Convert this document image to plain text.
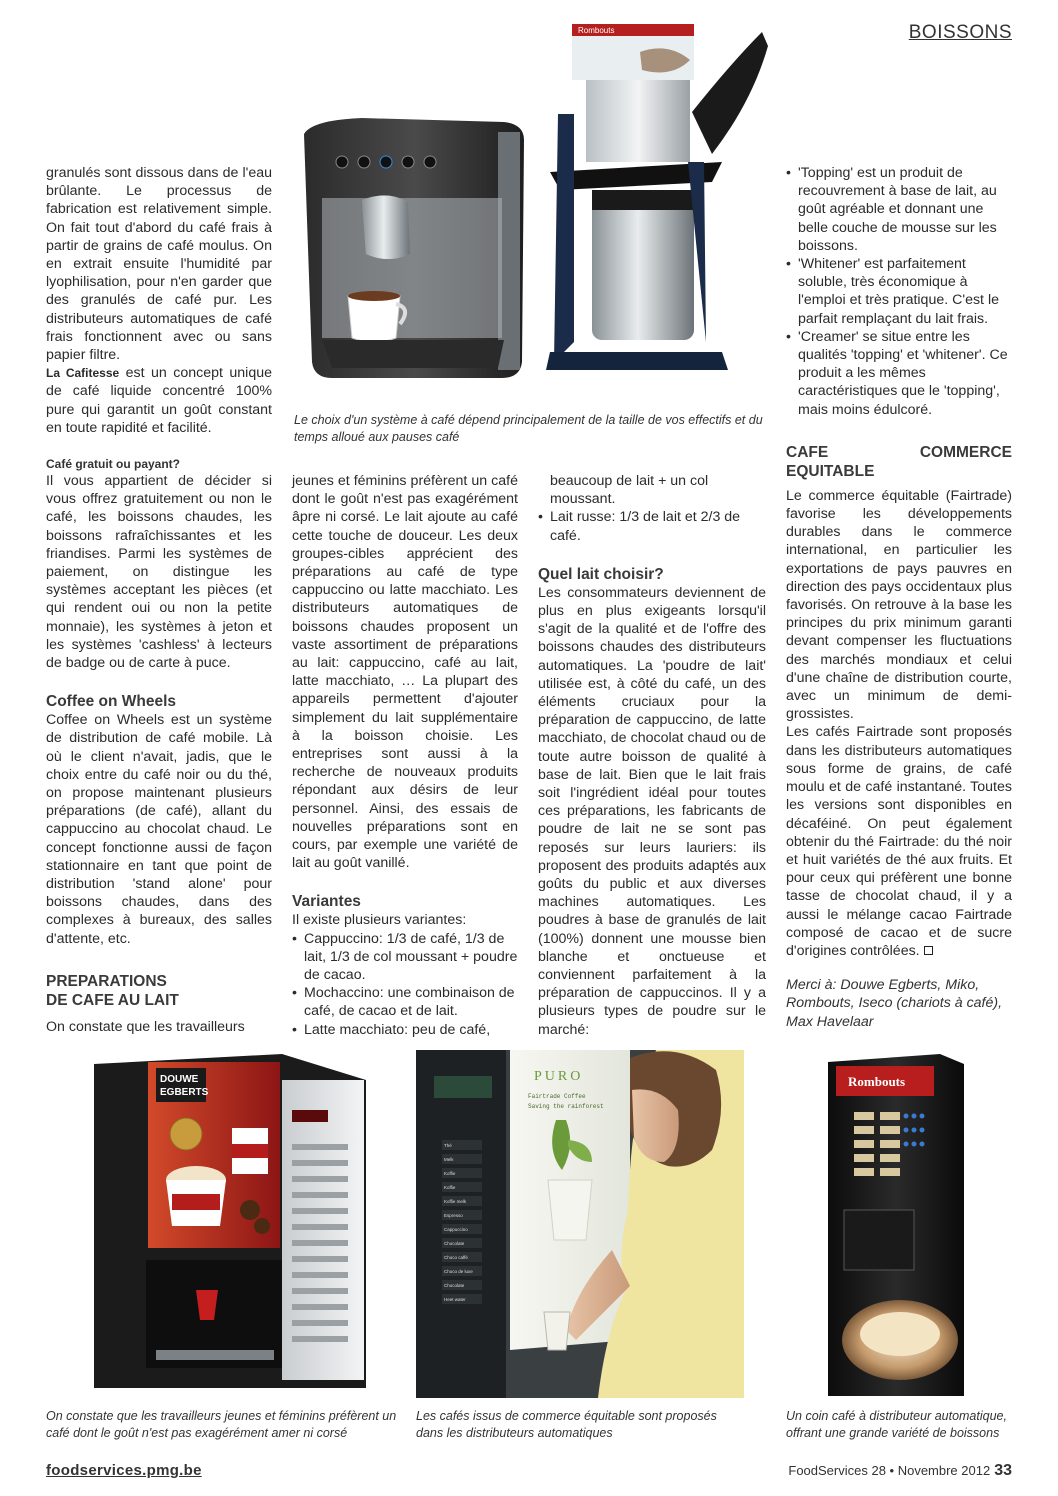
BOISSONS
Rombouts
Le choix d'un système à café dépend principalement de la taille de vos effectifs et du temps alloué aux pauses café

granulés sont dissous dans de l'eau brûlante. Le processus de fabrication est relativement simple. On fait tout d'abord du café frais à partir de grains de café moulus. On en extrait ensuite l'humidité par lyophilisation, pour n'en garder que des granulés de café pur. Les distributeurs automatiques de café frais fonctionnent avec ou sans papier filtre.

La Cafitesse est un concept unique de café liquide concentré 100% pure qui garantit un goût constant en toute rapidité et facilité.

Café gratuit ou payant?

Il vous appartient de décider si vous offrez gratuitement ou non le café, les boissons chaudes, les boissons rafraîchissantes et les friandises. Parmi les systèmes de paiement, on distingue les systèmes acceptant les pièces (et qui rendent oui ou non la petite monnaie), les systèmes à jeton et les systèmes 'cashless' à lecteurs de badge ou de carte à puce.

Coffee on Wheels

Coffee on Wheels est un système de distribution de café mobile. Là où le client n'avait, jadis, que le choix entre du café noir ou du thé, on propose maintenant plusieurs préparations (de café), allant du cappuccino au chocolat chaud. Le concept fonctionne aussi de façon stationnaire en tant que point de distribution 'stand alone' pour boissons chaudes, dans des complexes à bureaux, des salles d'attente, etc.

PREPARATIONS
DE CAFE AU LAIT

On constate que les travailleurs

jeunes et féminins préfèrent un café dont le goût n'est pas exagérément âpre ni corsé. Le lait ajoute au café cette touche de douceur. Les deux groupes-cibles apprécient des préparations au café de type cappuccino ou latte macchiato. Les distributeurs automatiques de boissons chaudes proposent un vaste assortiment de préparations au lait: cappuccino, café au lait, latte macchiato, … La plupart des appareils permettent d'ajouter simplement du lait supplémentaire à la boisson choisie. Les entreprises sont aussi à la recherche de nouveaux produits répondant aux désirs de leur personnel. Ainsi, des essais de nouvelles préparations sont en cours, par exemple une variété de lait au goût vanillé.

Variantes

Il existe plusieurs variantes:

• Cappuccino: 1/3 de café, 1/3 de lait, 1/3 de col moussant + poudre de cacao.
• Mochaccino: une combinaison de café, de cacao et de lait.
• Latte macchiato: peu de café,

beaucoup de lait + un col moussant.

• Lait russe: 1/3 de lait et 2/3 de café.
Quel lait choisir?

Les consommateurs deviennent de plus en plus exigeants lorsqu'il s'agit de la qualité et de l'offre des boissons chaudes des distributeurs automatiques. La 'poudre de lait' utilisée est, à côté du café, un des éléments cruciaux pour la préparation de cappuccino, de latte macchiato, de chocolat chaud ou de toute autre boisson de qualité à base de lait. Bien que le lait frais soit l'ingrédient idéal pour toutes ces préparations, les fabricants de poudre de lait ne se sont pas reposés sur leurs lauriers: ils proposent des produits adaptés aux goûts du public et aux diverses machines automatiques. Les poudres à base de granulés de lait (100%) donnent une mousse bien blanche et onctueuse et conviennent parfaitement à la préparation de cappuccinos. Il y a plusieurs types de poudre sur le marché:

• 'Topping' est un produit de recouvrement à base de lait, au goût agréable et donnant une belle couche de mousse sur les boissons.
• 'Whitener' est parfaitement soluble, très économique à l'emploi et très pratique. C'est le parfait remplaçant du lait frais.
• 'Creamer' se situe entre les qualités 'topping' et 'whitener'. Ce produit a les mêmes caractéristiques que le 'topping', mais moins édulcoré.
CAFE COMMERCE EQUITABLE

Le commerce équitable (Fairtrade) favorise les développements durables dans le commerce international, en particulier les exportations de pays pauvres en direction des pays occidentaux plus favorisés. On retrouve à la base les principes du prix minimum garanti devant compenser les fluctuations des marchés mondiaux et celui d'une chaîne de distribution courte, avec un minimum de demi-grossistes.

Les cafés Fairtrade sont proposés dans les distributeurs automatiques sous forme de grains, de café moulu et de café instantané. Toutes les versions sont disponibles en décaféiné. On peut également obtenir du thé Fairtrade: du thé noir et huit variétés de thé aux fruits. Et pour ceux qui préfèrent une bonne tasse de chocolat chaud, il y a aussi le mélange cacao Fairtrade composé de cacao et de sucre d'origines contrôlées.

Merci à: Douwe Egberts, Miko, Rombouts, Iseco (chariots à café), Max Havelaar

DOUWE
EGBERTS
Thé
Melk
Koffie
Koffie
Koffie melk
Espresso
Cappuccino
Chocolate
Choco caffè
Choco de luxe
Chocolate
Heet water
PURO
Fairtrade Coffee
Saving the rainforest
Rombouts
On constate que les travailleurs jeunes et féminins préfèrent un café dont le goût n'est pas exagérément amer ni corsé
Les cafés issus de commerce équitable sont proposés dans les distributeurs automatiques
Un coin café à distributeur automatique, offrant une grande variété de boissons
foodservices.pmg.be	FoodServices 28 • Novembre 2012 33
